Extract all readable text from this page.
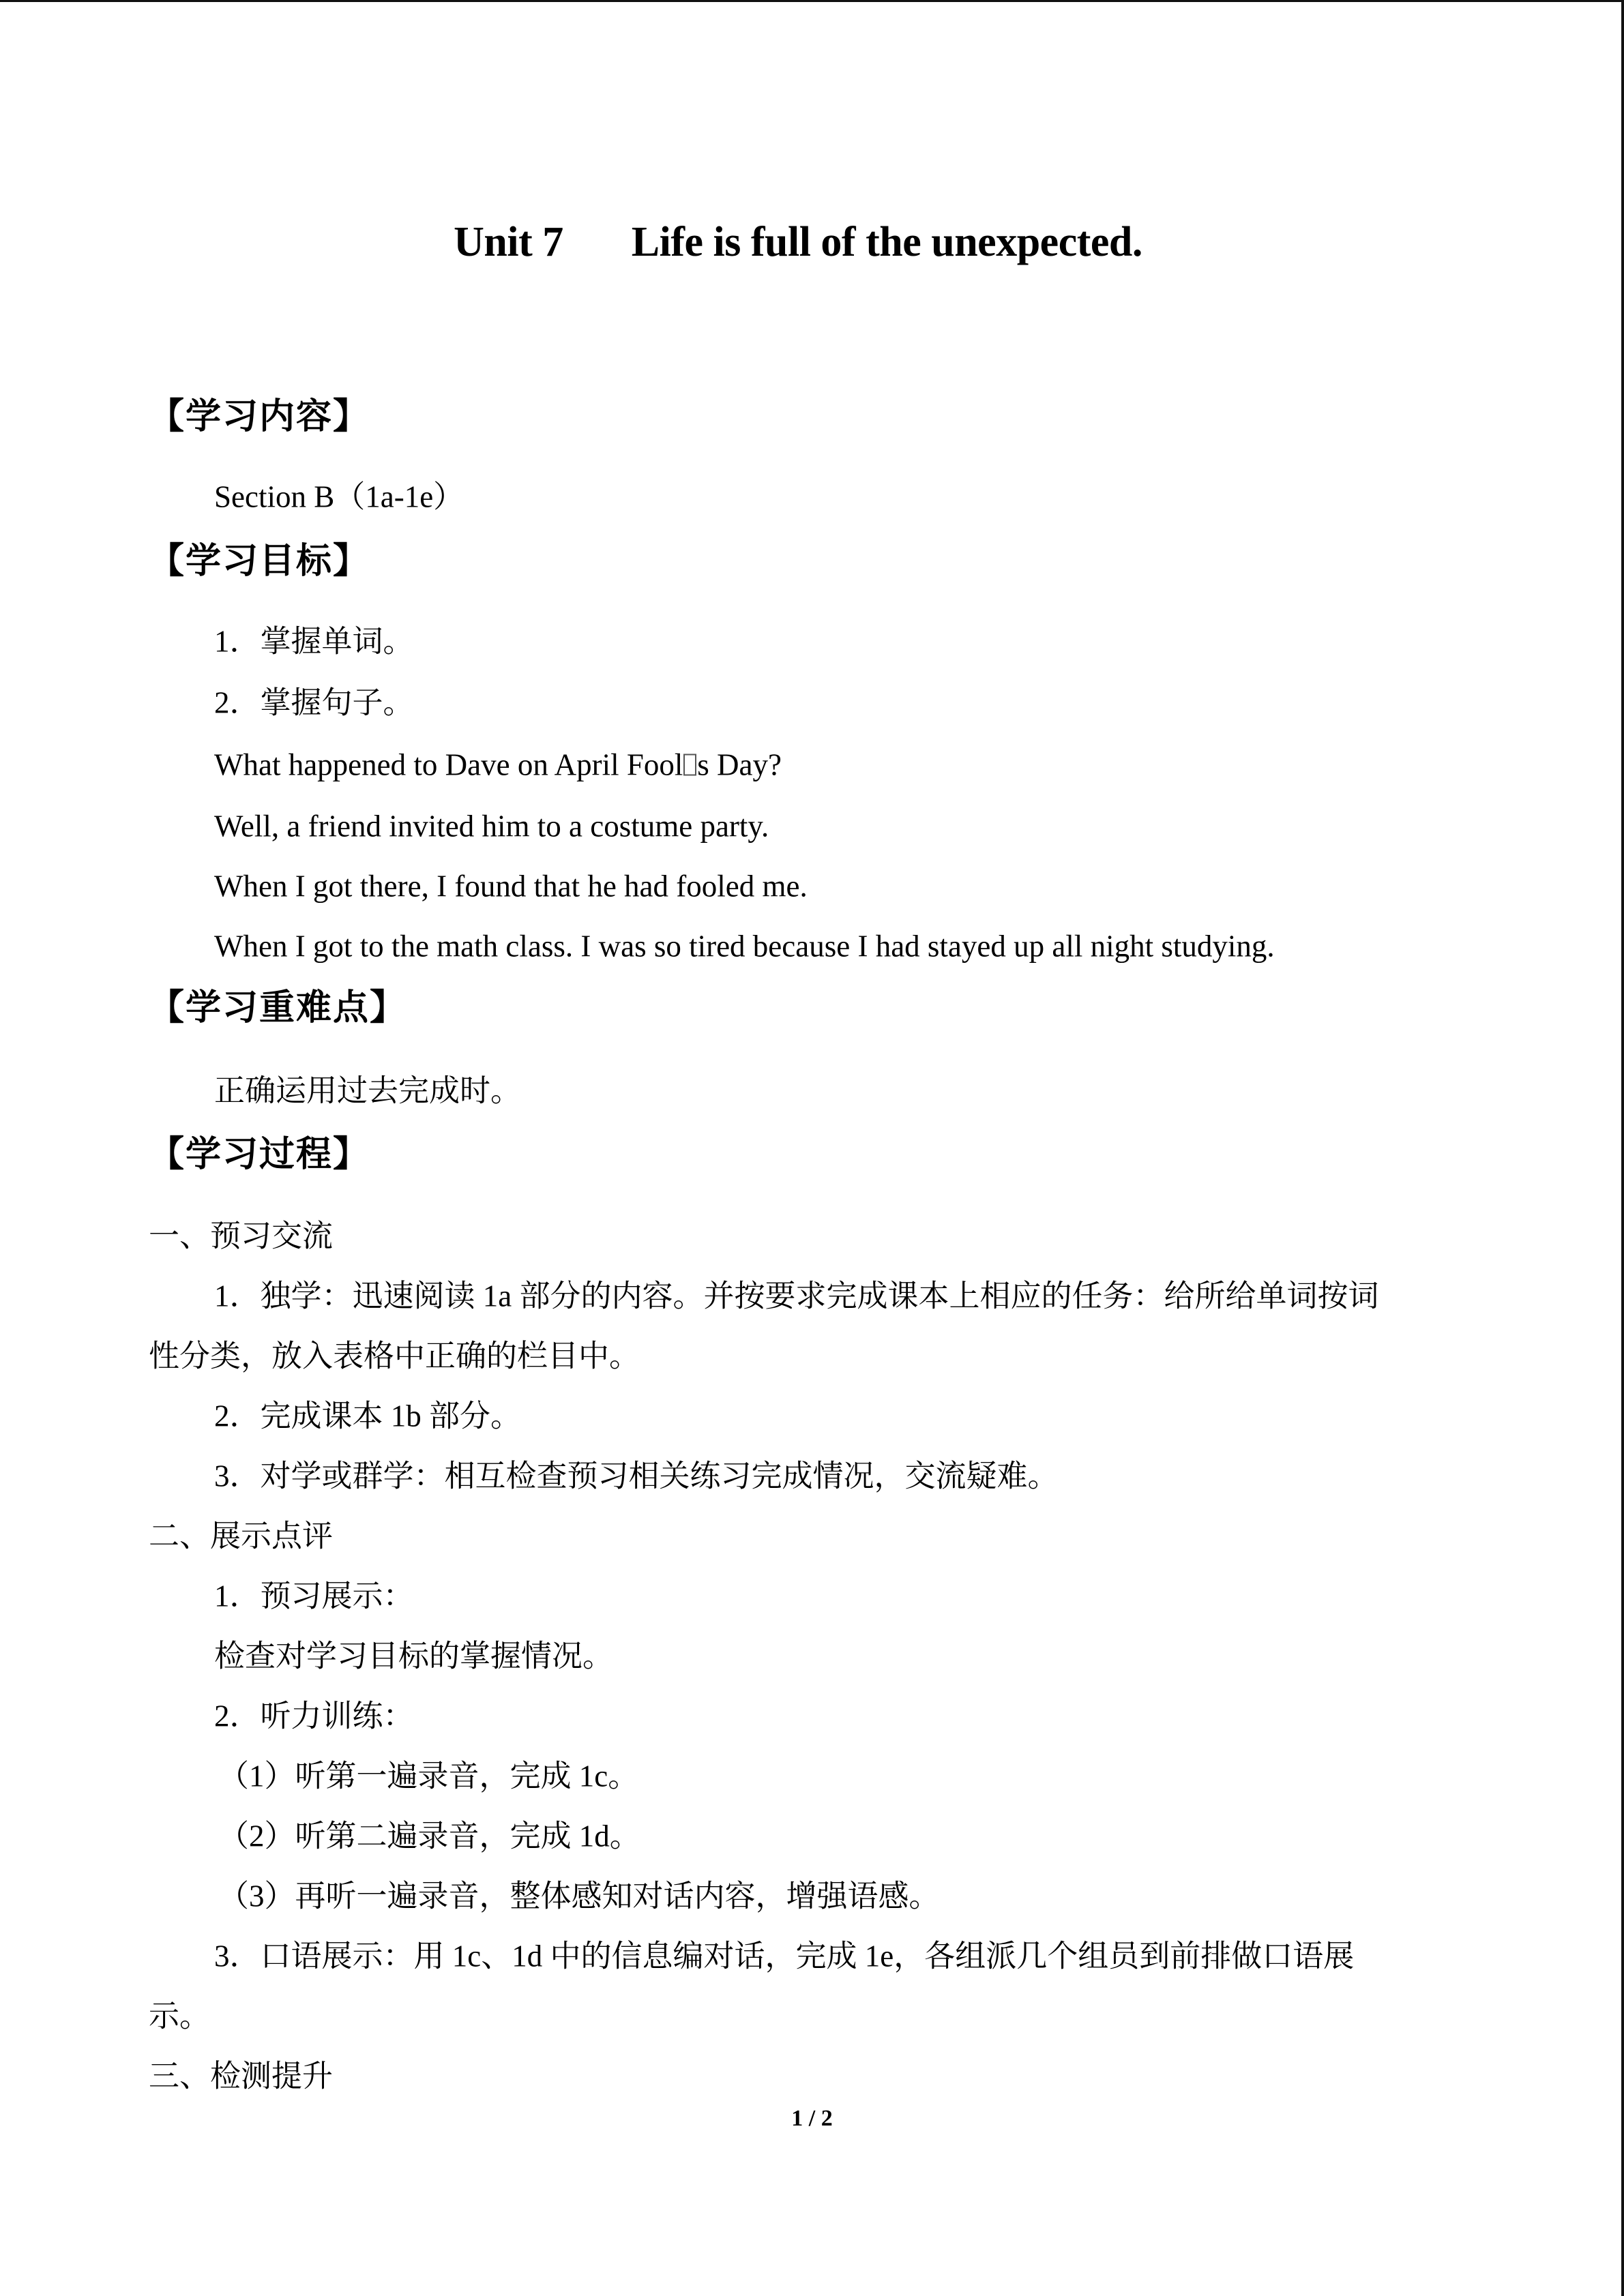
Unit 7 Life is full of the unexpected.
【学习内容】
Section B（1a-1e）
【学习目标】
1．掌握单词。
2．掌握句子。
What happened to Dave on April Fool s Day?
Well, a friend invited him to a costume party.
When I got there, I found that he had fooled me.
When I got to the math class. I was so tired because I had stayed up all night studying.
【学习重难点】
正确运用过去完成时。
【学习过程】
一、预习交流
1．独学：迅速阅读 1a 部分的内容。并按要求完成课本上相应的任务：给所给单词按词
性分类，放入表格中正确的栏目中。
2．完成课本 1b 部分。
3．对学或群学：相互检查预习相关练习完成情况，交流疑难。
二、展示点评
1．预习展示：
检查对学习目标的掌握情况。
2．听力训练：
（1）听第一遍录音，完成 1c。
（2）听第二遍录音，完成 1d。
（3）再听一遍录音，整体感知对话内容，增强语感。
3．口语展示：用 1c、1d 中的信息编对话，完成 1e，各组派几个组员到前排做口语展
示。
三、检测提升
1 / 2
